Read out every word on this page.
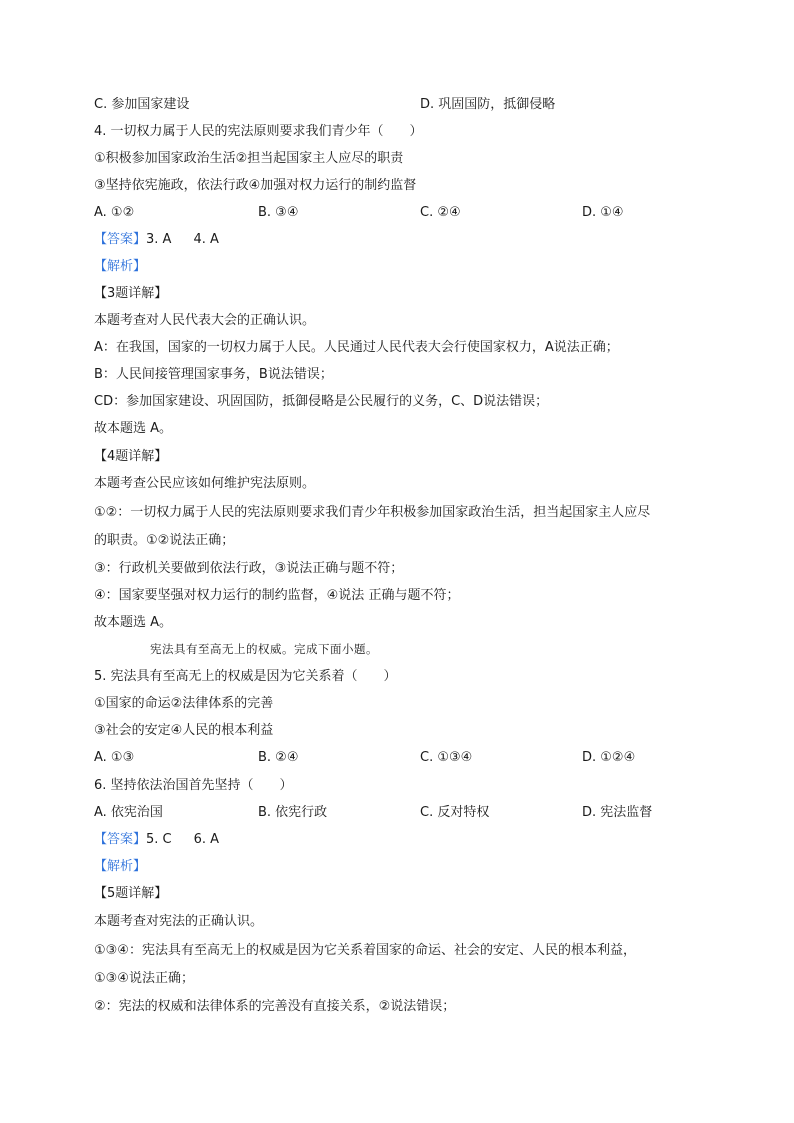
C. 参加国家建设	D. 巩固国防，抵御侵略
4. 一切权力属于人民的宪法原则要求我们青少年（　　）
①积极参加国家政治生活②担当起国家主人应尽的职责
③坚持依宪施政，依法行政④加强对权力运行的制约监督
A. ①②	B. ③④	C. ②④	D. ①④
【答案】3. A 4. A
【解析】
【3题详解】
本题考查对人民代表大会的正确认识。
A：在我国，国家的一切权力属于人民。人民通过人民代表大会行使国家权力，A说法正确；
B：人民间接管理国家事务，B说法错误；
CD：参加国家建设、巩固国防，抵御侵略是公民履行的义务，C、D说法错误；
故本题选 A。
【4题详解】
本题考查公民应该如何维护宪法原则。
①②：一切权力属于人民的宪法原则要求我们青少年积极参加国家政治生活，担当起国家主人应尽
的职责。①②说法正确；
③：行政机关要做到依法行政，③说法正确与题不符；
④：国家要坚强对权力运行的制约监督，④说法 正确与题不符；
故本题选 A。
宪法具有至高无上的权威。完成下面小题。
5. 宪法具有至高无上的权威是因为它关系着（　　）
①国家的命运②法律体系的完善
③社会的安定④人民的根本利益
A. ①③	B. ②④	C. ①③④	D. ①②④
6. 坚持依法治国首先坚持（　　）
A. 依宪治国	B. 依宪行政	C. 反对特权	D. 宪法监督
【答案】5. C 6. A
【解析】
【5题详解】
本题考查对宪法的正确认识。
①③④：宪法具有至高无上的权威是因为它关系着国家的命运、社会的安定、人民的根本利益，
①③④说法正确；
②：宪法的权威和法律体系的完善没有直接关系，②说法错误；
